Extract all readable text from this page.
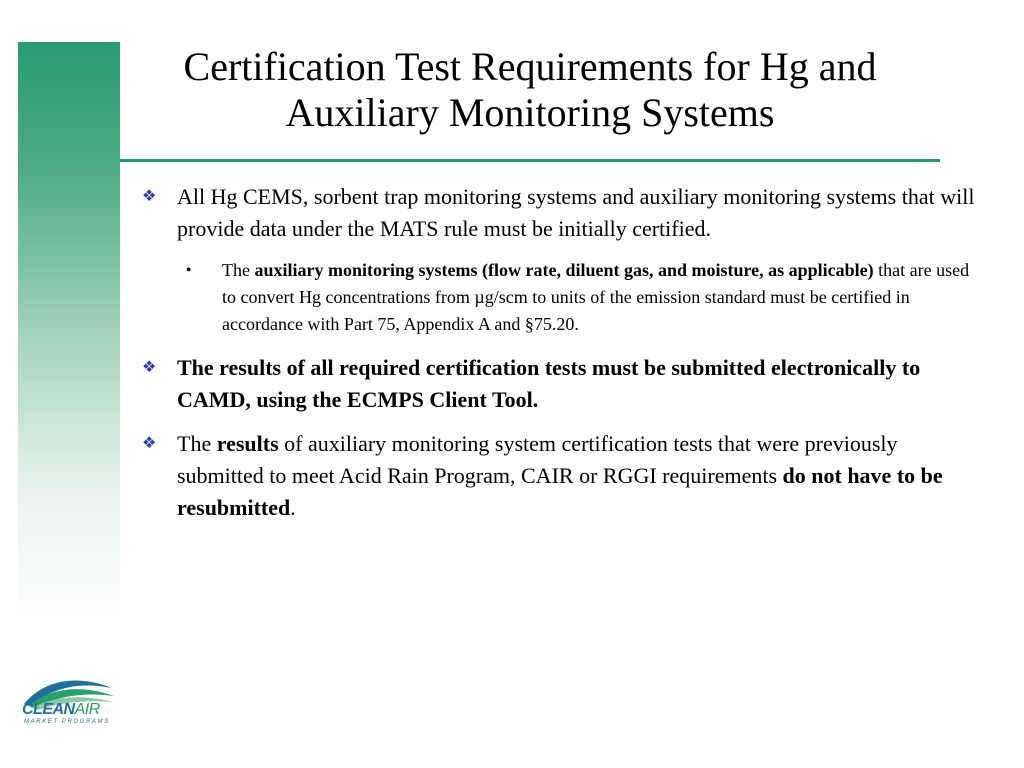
Certification Test Requirements for Hg and
Auxiliary Monitoring Systems
❖ All Hg CEMS, sorbent trap monitoring systems and auxiliary monitoring systems that will provide data under the MATS rule must be initially certified.
• The auxiliary monitoring systems (flow rate, diluent gas, and moisture, as applicable) that are used to convert Hg concentrations from µg/scm to units of the emission standard must be certified in accordance with Part 75, Appendix A and §75.20.
❖ The results of all required certification tests must be submitted electronically to CAMD, using the ECMPS Client Tool.
❖ The results of auxiliary monitoring system certification tests that were previously submitted to meet Acid Rain Program, CAIR or RGGI requirements do not have to be resubmitted.
CLEANAIR
MARKET PROGRAMS
